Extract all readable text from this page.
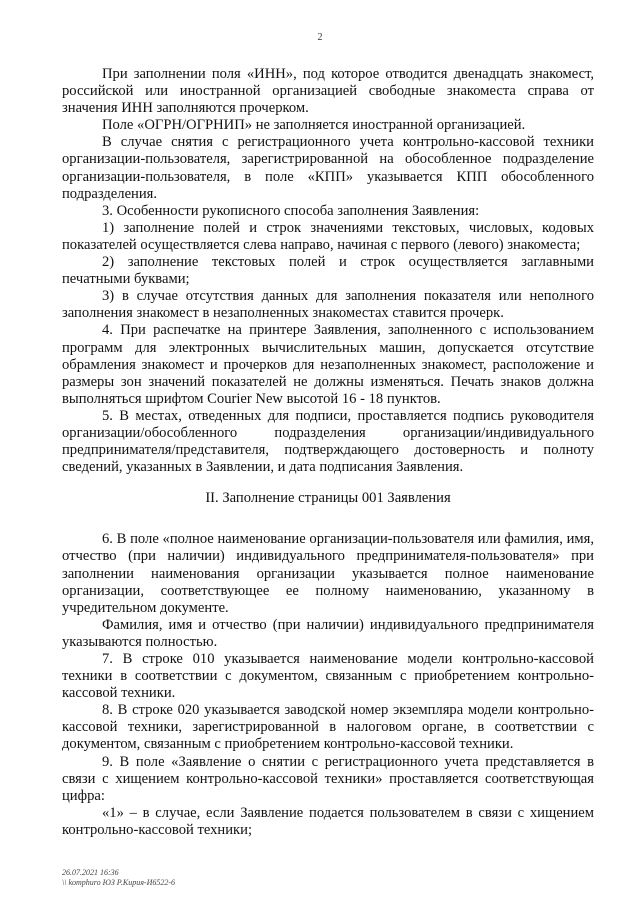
2

При заполнении поля «ИНН», под которое отводится двенадцать знакомест, российской или иностранной организацией свободные знакоместа справа от значения ИНН заполняются прочерком.

Поле «ОГРН/ОГРНИП» не заполняется иностранной организацией.

В случае снятия с регистрационного учета контрольно-кассовой техники организации-пользователя, зарегистрированной на обособленное подразделение организации-пользователя, в поле «КПП» указывается КПП обособленного подразделения.

3. Особенности рукописного способа заполнения Заявления:

1) заполнение полей и строк значениями текстовых, числовых, кодовых показателей осуществляется слева направо, начиная с первого (левого) знакоместа;

2) заполнение текстовых полей и строк осуществляется заглавными печатными буквами;

3) в случае отсутствия данных для заполнения показателя или неполного заполнения знакомест в незаполненных знакоместах ставится прочерк.

4. При распечатке на принтере Заявления, заполненного с использованием программ для электронных вычислительных машин, допускается отсутствие обрамления знакомест и прочерков для незаполненных знакомест, расположение и размеры зон значений показателей не должны изменяться. Печать знаков должна выполняться шрифтом Courier New высотой 16 - 18 пунктов.

5. В местах, отведенных для подписи, проставляется подпись руководителя организации/обособленного подразделения организации/индивидуального предпринимателя/представителя, подтверждающего достоверность и полноту сведений, указанных в Заявлении, и дата подписания Заявления.

II. Заполнение страницы 001 Заявления

6. В поле «полное наименование организации-пользователя или фамилия, имя, отчество (при наличии) индивидуального предпринимателя-пользователя» при заполнении наименования организации указывается полное наименование организации, соответствующее ее полному наименованию, указанному в учредительном документе.

Фамилия, имя и отчество (при наличии) индивидуального предпринимателя указываются полностью.

7. В строке 010 указывается наименование модели контрольно-кассовой техники в соответствии с документом, связанным с приобретением контрольно-кассовой техники.

8. В строке 020 указывается заводской номер экземпляра модели контрольно-кассовой техники, зарегистрированной в налоговом органе, в соответствии с документом, связанным с приобретением контрольно-кассовой техники.

9. В поле «Заявление о снятии с регистрационного учета представляется в связи с хищением контрольно-кассовой техники» проставляется соответствующая цифра:

«1» – в случае, если Заявление подается пользователем в связи с хищением контрольно-кассовой техники;

26.07.2021 16:36
\\ komphuro ЮЗ Р.Кирия-И6522-6
